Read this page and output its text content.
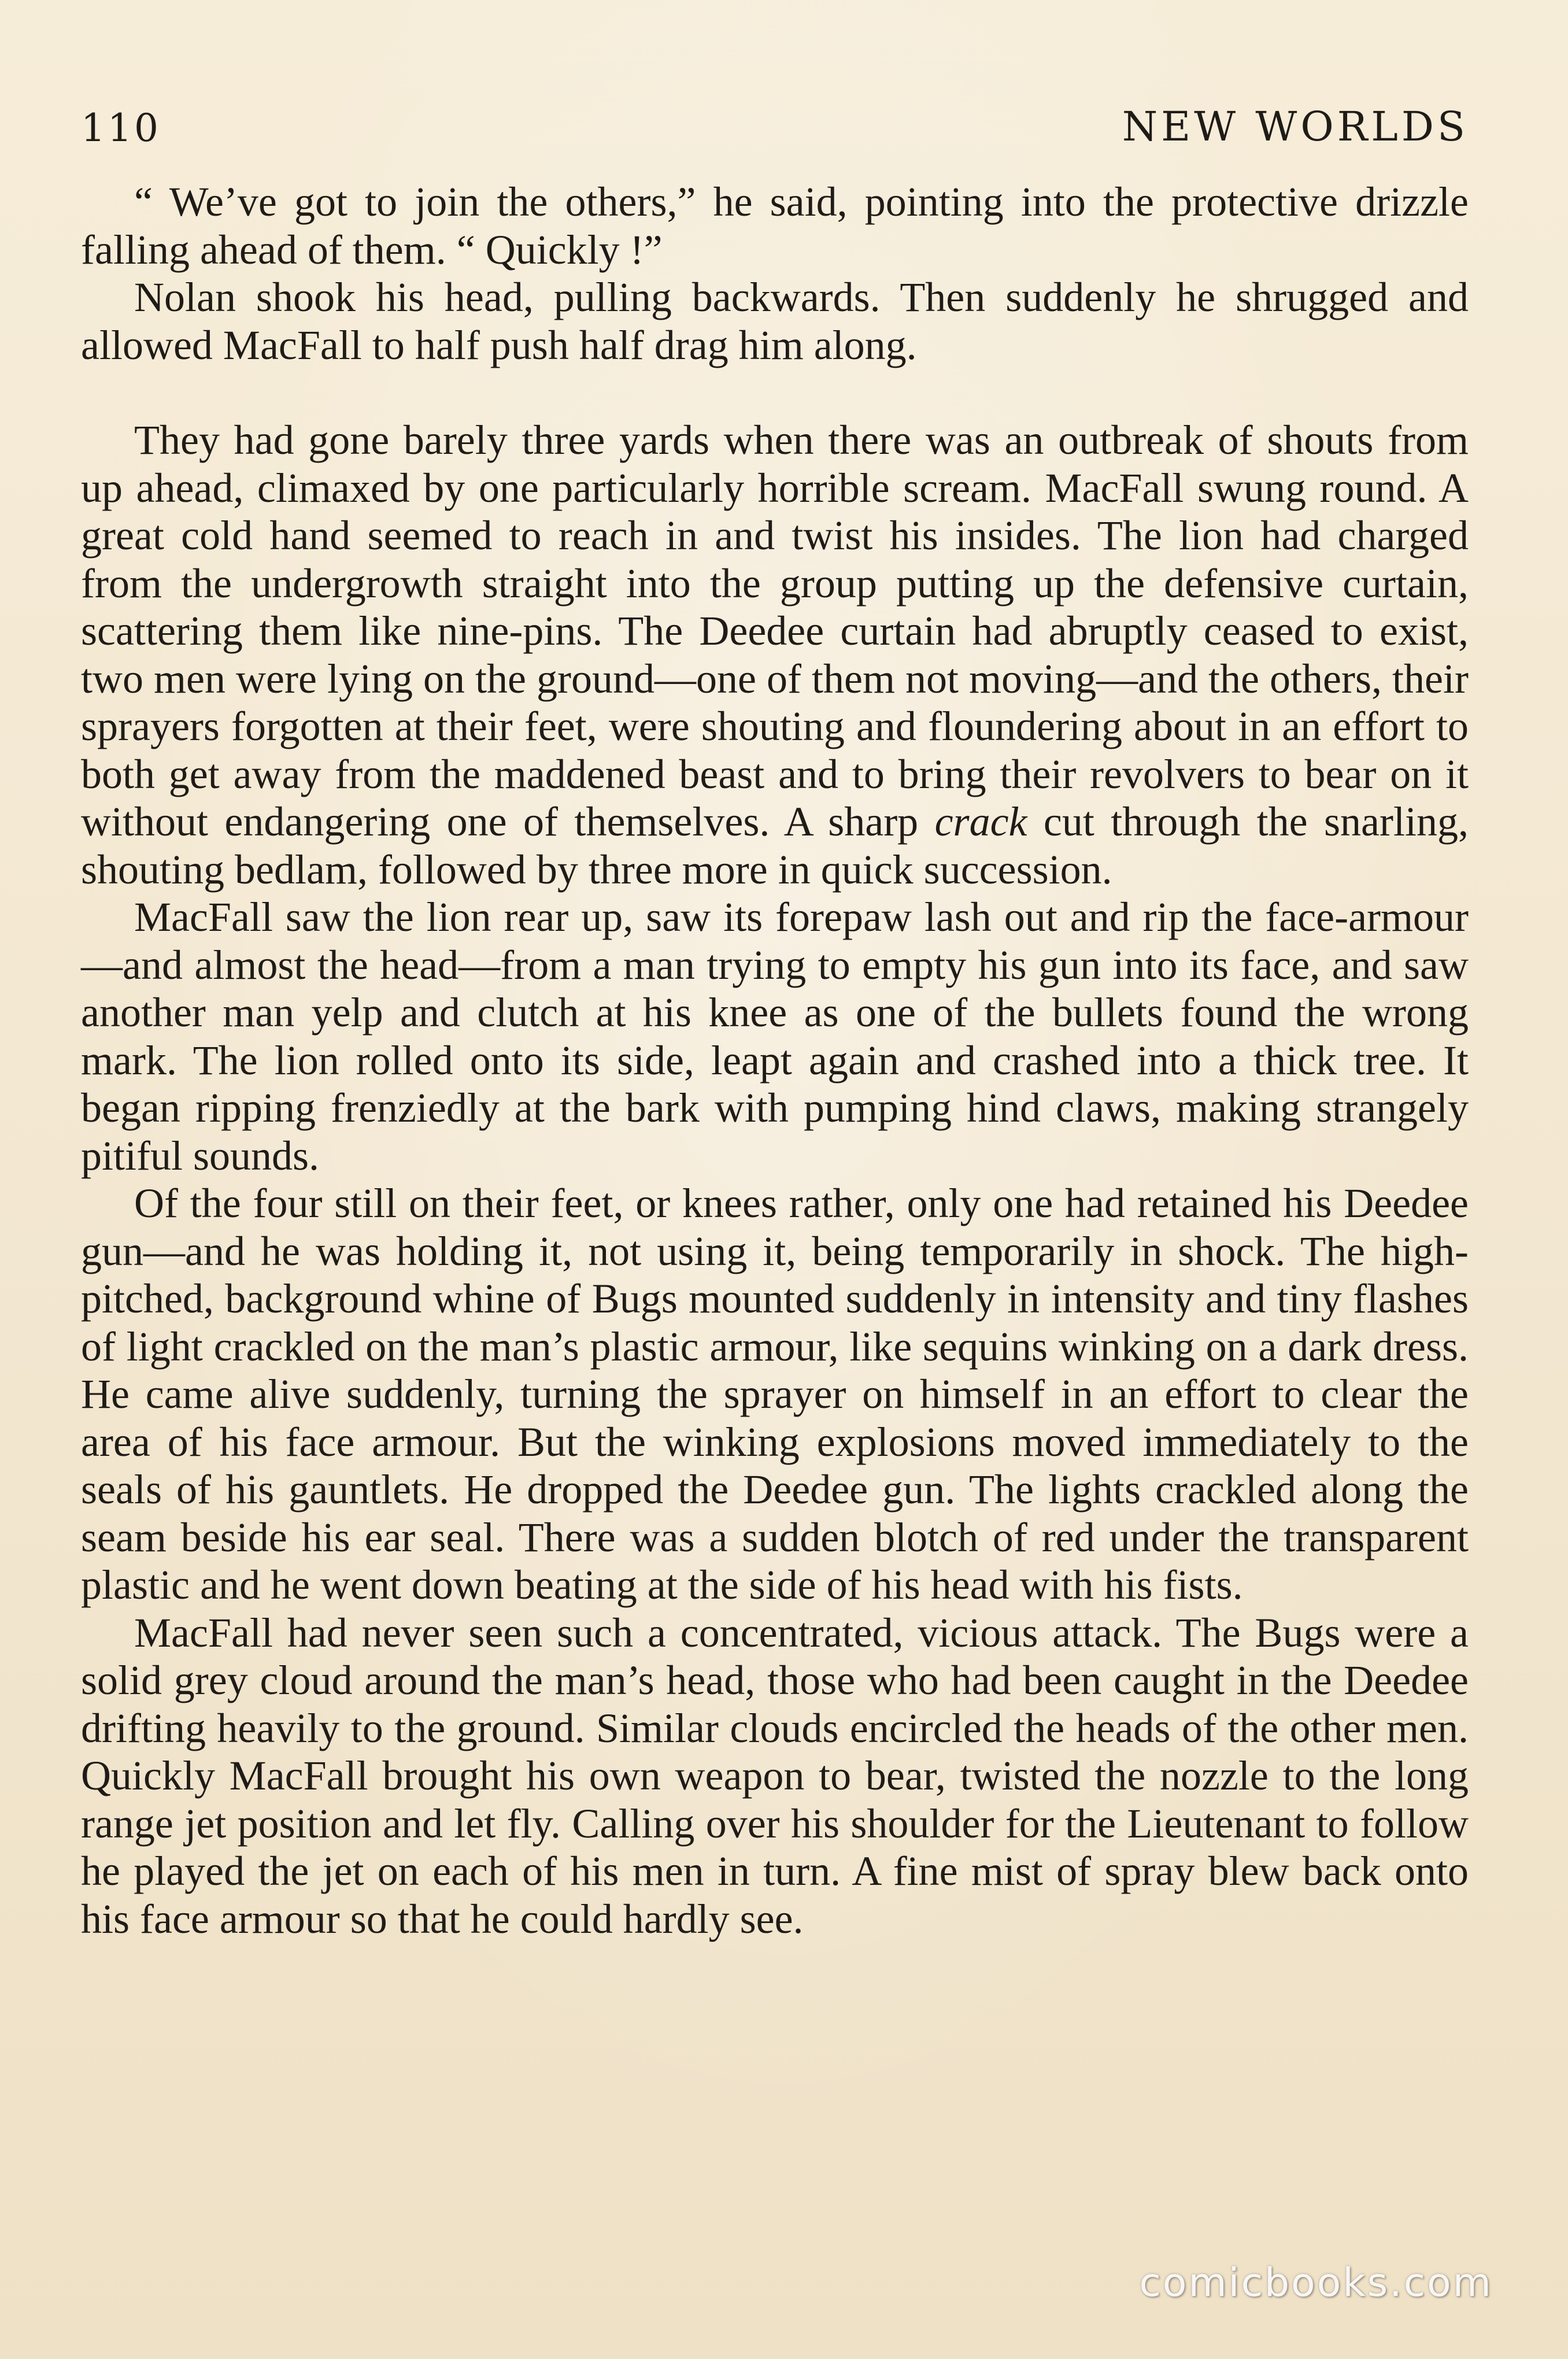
110	NEW WORLDS

“ We’ve got to join the others,” he said, pointing into the protective drizzle falling ahead of them. “ Quickly !”

Nolan shook his head, pulling backwards. Then suddenly he shrugged and allowed MacFall to half push half drag him along.

They had gone barely three yards when there was an outbreak of shouts from up ahead, climaxed by one particularly horrible scream. MacFall swung round. A great cold hand seemed to reach in and twist his insides. The lion had charged from the undergrowth straight into the group putting up the defensive curtain, scattering them like nine-pins. The Deedee curtain had abruptly ceased to exist, two men were lying on the ground—one of them not moving—and the others, their sprayers forgotten at their feet, were shouting and floundering about in an effort to both get away from the maddened beast and to bring their revolvers to bear on it without endangering one of themselves. A sharp crack cut through the snarling, shouting bedlam, followed by three more in quick succession.

MacFall saw the lion rear up, saw its forepaw lash out and rip the face-armour—and almost the head—from a man trying to empty his gun into its face, and saw another man yelp and clutch at his knee as one of the bullets found the wrong mark. The lion rolled onto its side, leapt again and crashed into a thick tree. It began ripping frenziedly at the bark with pumping hind claws, making strangely pitiful sounds.

Of the four still on their feet, or knees rather, only one had retained his Deedee gun—and he was holding it, not using it, being temporarily in shock. The high-pitched, background whine of Bugs mounted suddenly in intensity and tiny flashes of light crackled on the man’s plastic armour, like sequins winking on a dark dress. He came alive suddenly, turning the sprayer on himself in an effort to clear the area of his face armour. But the winking explosions moved immediately to the seals of his gauntlets. He dropped the Deedee gun. The lights crackled along the seam beside his ear seal. There was a sudden blotch of red under the transparent plastic and he went down beating at the side of his head with his fists.

MacFall had never seen such a concentrated, vicious attack. The Bugs were a solid grey cloud around the man’s head, those who had been caught in the Deedee drifting heavily to the ground. Similar clouds encircled the heads of the other men. Quickly MacFall brought his own weapon to bear, twisted the nozzle to the long range jet position and let fly. Calling over his shoulder for the Lieutenant to follow he played the jet on each of his men in turn. A fine mist of spray blew back onto his face armour so that he could hardly see.

comicbooks.com
